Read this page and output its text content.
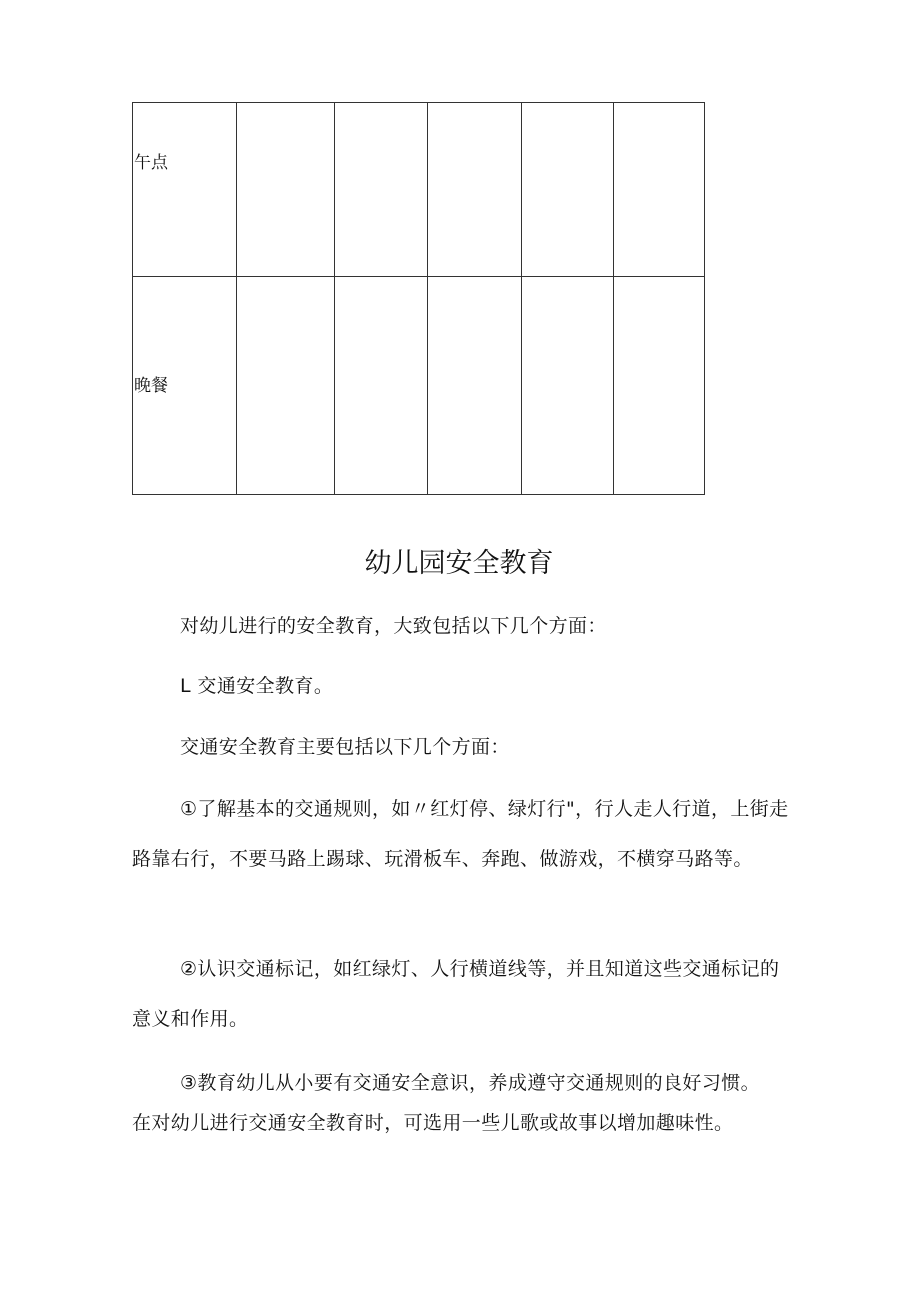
午点					
晚餐					
幼儿园安全教育

对幼儿进行的安全教育，大致包括以下几个方面：

L 交通安全教育。

交通安全教育主要包括以下几个方面：

①了解基本的交通规则，如〃红灯停、绿灯行"，行人走人行道，上街走路靠右行，不要马路上踢球、玩滑板车、奔跑、做游戏，不横穿马路等。

②认识交通标记，如红绿灯、人行横道线等，并且知道这些交通标记的意义和作用。

③教育幼儿从小要有交通安全意识，养成遵守交通规则的良好习惯。

在对幼儿进行交通安全教育时，可选用一些儿歌或故事以增加趣味性。
